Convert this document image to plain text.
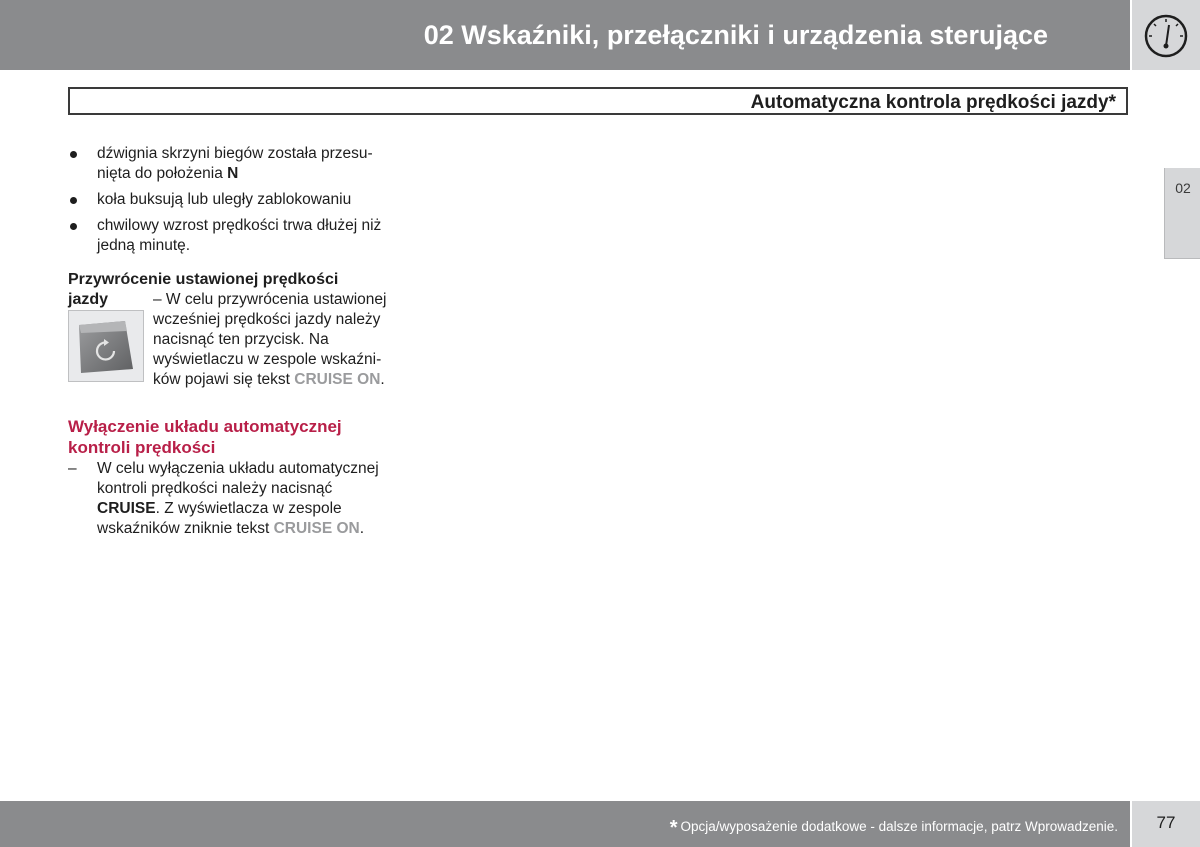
02 Wskaźniki, przełączniki i urządzenia sterujące
Automatyczna kontrola prędkości jazdy*
02
dźwignia skrzyni biegów została przesu-
nięta do położenia N
koła buksują lub uległy zablokowaniu
chwilowy wzrost prędkości trwa dłużej niż
jedną minutę.

Przywrócenie ustawionej prędkości

jazdy	– W celu przywrócenia ustawionej
wcześniej prędkości jazdy należy
nacisnąć ten przycisk. Na
wyświetlaczu w zespole wskaźni-
ków pojawi się tekst CRUISE ON.

Wyłączenie układu automatycznej
kontroli prędkości

– W celu wyłączenia układu automatycznej
kontroli prędkości należy nacisnąć
CRUISE. Z wyświetlacza w zespole
wskaźników zniknie tekst CRUISE ON.
* Opcja/wyposażenie dodatkowe - dalsze informacje, patrz Wprowadzenie.	77
